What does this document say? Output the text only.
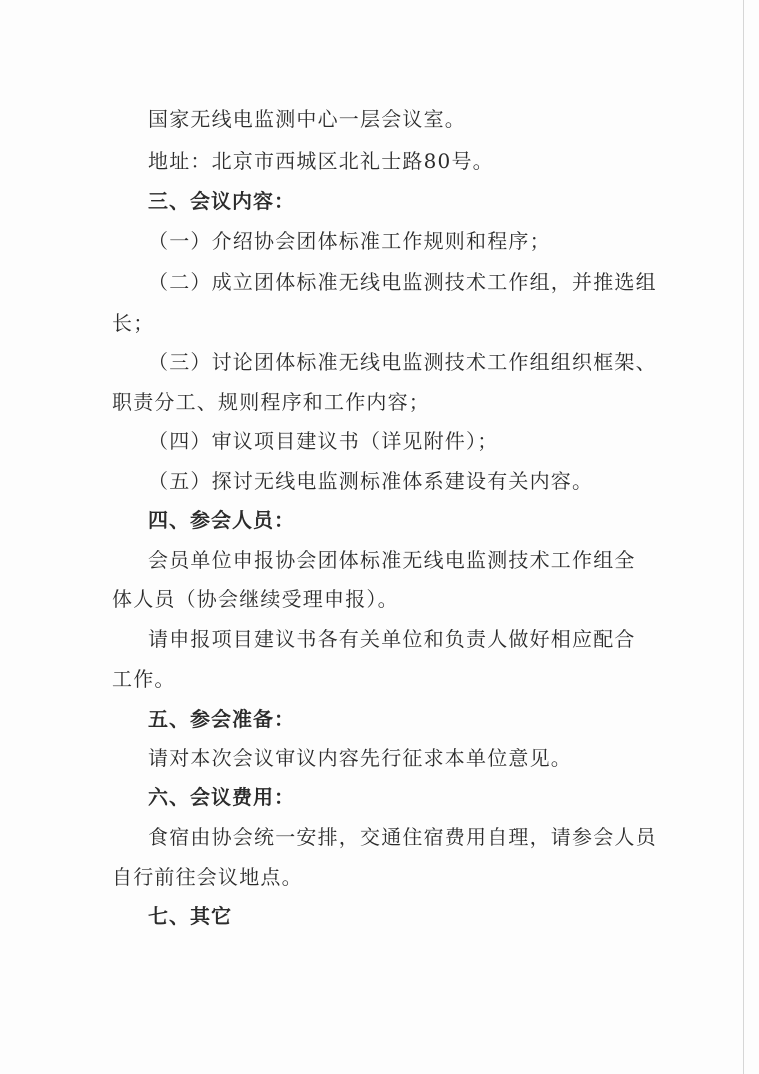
国家无线电监测中心一层会议室。
地址：北京市西城区北礼士路80号。
三、会议内容：
（一）介绍协会团体标准工作规则和程序；
（二）成立团体标准无线电监测技术工作组，并推选组
长；
（三）讨论团体标准无线电监测技术工作组组织框架、
职责分工、规则程序和工作内容；
（四）审议项目建议书（详见附件）；
（五）探讨无线电监测标准体系建设有关内容。
四、参会人员：
会员单位申报协会团体标准无线电监测技术工作组全
体人员（协会继续受理申报）。
请申报项目建议书各有关单位和负责人做好相应配合
工作。
五、参会准备：
请对本次会议审议内容先行征求本单位意见。
六、会议费用：
食宿由协会统一安排，交通住宿费用自理，请参会人员
自行前往会议地点。
七、其它
